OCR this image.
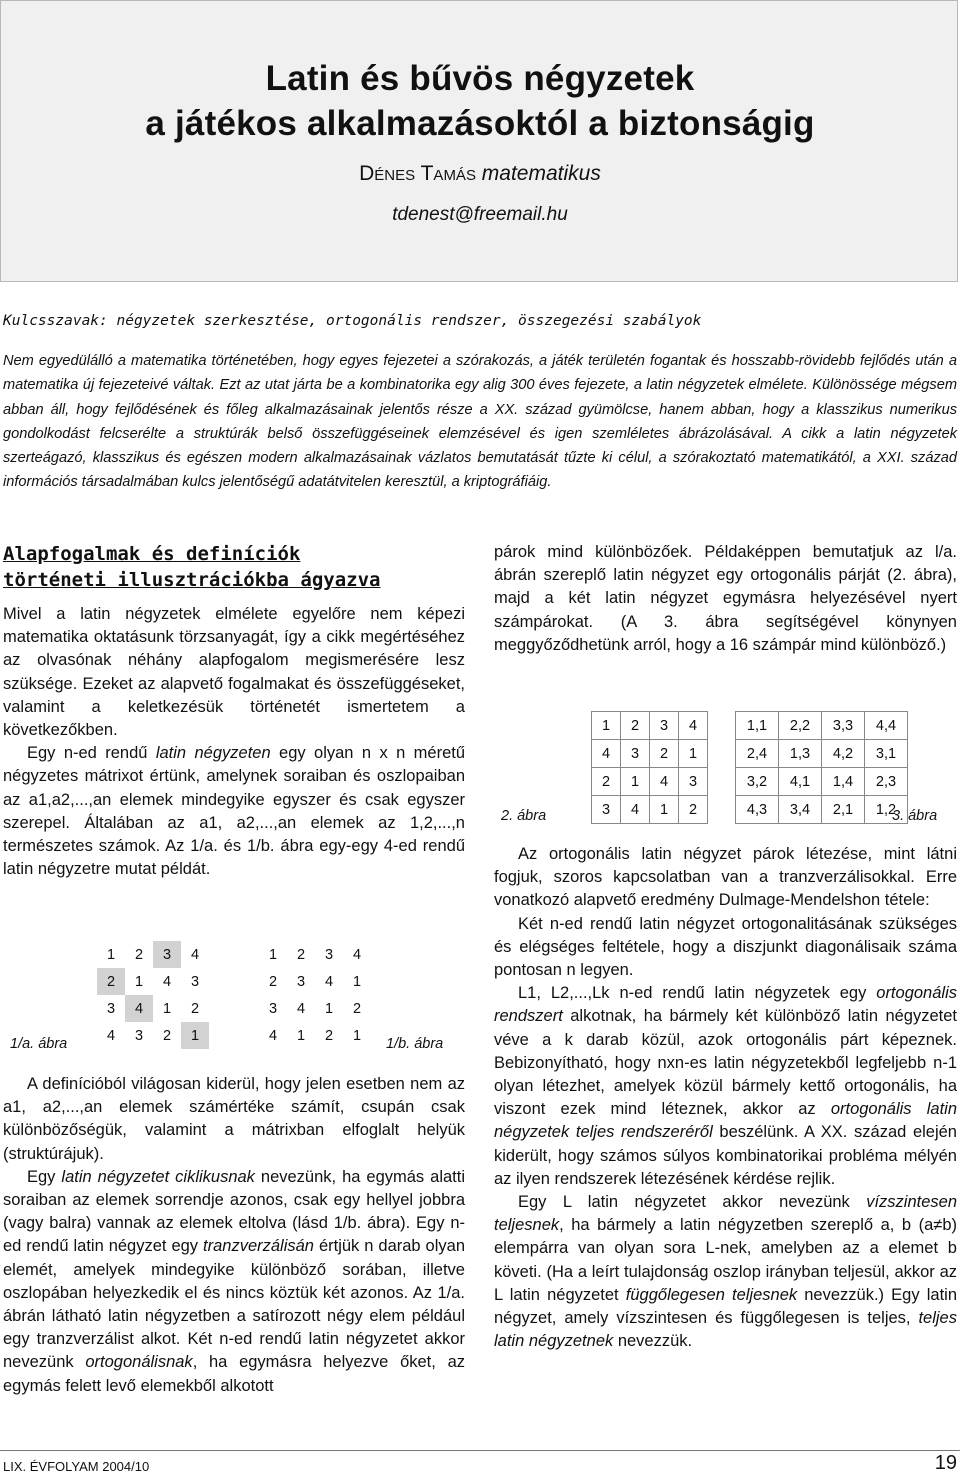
Latin és bűvös négyzetek
a játékos alkalmazásoktól a biztonságig
Dénes Tamás matematikus
tdenest@freemail.hu
Kulcsszavak: négyzetek szerkesztése, ortogonális rendszer, összegezési szabályok

Nem egyedülálló a matematika történetében, hogy egyes fejezetei a szórakozás, a játék területén fogantak és hosszabb-rövidebb fejlődés után a matematika új fejezeteivé váltak. Ezt az utat járta be a kombinatorika egy alig 300 éves fejezete, a latin négyzetek elmélete. Különössége mégsem abban áll, hogy fejlődésének és főleg alkalmazásainak jelentős része a XX. század gyümölcse, hanem abban, hogy a klasszikus numerikus gondolkodást felcserélte a struktúrák belső összefüggéseinek elemzésével és igen szemléletes ábrázolásával. A cikk a latin négyzetek szerteágazó, klasszikus és egészen modern alkalmazásainak vázlatos bemutatását tűzte ki célul, a szórakoztató matematikától, a XXI. század információs társadalmában kulcs jelentőségű adatátvitelen keresztül, a kriptográfiáig.

Alapfogalmak és definíciók
történeti illusztrációkba ágyazva

Mivel a latin négyzetek elmélete egyelőre nem képezi matematika oktatásunk törzsanyagát, így a cikk megértéséhez az olvasónak néhány alapfogalom megismerésére lesz szüksége. Ezeket az alapvető fogalmakat és összefüggéseket, valamint a keletkezésük történetét ismertetem a következőkben.

Egy n-ed rendű latin négyzeten egy olyan n x n méretű négyzetes mátrixot értünk, amelynek soraiban és oszlopaiban az a1,a2,...,an elemek mindegyike egyszer és csak egyszer szerepel. Általában az a1, a2,...,an elemek az 1,2,...,n természetes számok. Az 1/a. és 1/b. ábra egy-egy 4-ed rendű latin négyzetre mutat példát.

1/a. ábra
1	2	3	4
2	1	4	3
3	4	1	2
4	3	2	1
1	2	3	4
2	3	4	1
3	4	1	2
4	1	2	1
1/b. ábra

A definícióból világosan kiderül, hogy jelen esetben nem az a1, a2,...,an elemek számértéke számít, csupán csak különbözőségük, valamint a mátrixban elfoglalt helyük (struktúrájuk).

Egy latin négyzetet ciklikusnak nevezünk, ha egymás alatti soraiban az elemek sorrendje azonos, csak egy hellyel jobbra (vagy balra) vannak az elemek eltolva (lásd 1/b. ábra). Egy n-ed rendű latin négyzet egy tranzverzálisán értjük n darab olyan elemét, amelyek mindegyike különböző sorában, illetve oszlopában helyezkedik el és nincs köztük két azonos. Az 1/a. ábrán látható latin négyzetben a satírozott négy elem például egy tranzverzálist alkot. Két n-ed rendű latin négyzetet akkor nevezünk ortogonálisnak, ha egymásra helyezve őket, az egymás felett levő elemekből alkotott

párok mind különbözőek. Példaképpen bemutatjuk az l/a. ábrán szereplő latin négyzet egy ortogonális párját (2. ábra), majd a két latin négyzet egymásra helyezésével nyert számpárokat. (A 3. ábra segítségével könynyen meggyőződhetünk arról, hogy a 16 számpár mind különböző.)

2. ábra
1	2	3	4
4	3	2	1
2	1	4	3
3	4	1	2
1,1	2,2	3,3	4,4
2,4	1,3	4,2	3,1
3,2	4,1	1,4	2,3
4,3	3,4	2,1	1,2
3. ábra

Az ortogonális latin négyzet párok létezése, mint látni fogjuk, szoros kapcsolatban van a tranzverzálisokkal. Erre vonatkozó alapvető eredmény Dulmage-Mendelshon tétele:

Két n-ed rendű latin négyzet ortogonalitásának szükséges és elégséges feltétele, hogy a diszjunkt diagonálisaik száma pontosan n legyen.

L1, L2,...,Lk n-ed rendű latin négyzetek egy ortogonális rendszert alkotnak, ha bármely két különböző latin négyzetet véve a k darab közül, azok ortogonális párt képeznek. Bebizonyítható, hogy nxn-es latin négyzetekből legfeljebb n-1 olyan létezhet, amelyek közül bármely kettő ortogonális, ha viszont ezek mind léteznek, akkor az ortogonális latin négyzetek teljes rendszeréről beszélünk. A XX. század elején kiderült, hogy számos súlyos kombinatorikai probléma mélyén az ilyen rendszerek létezésének kérdése rejlik.

Egy L latin négyzetet akkor nevezünk vízszintesen teljesnek, ha bármely a latin négyzetben szereplő a, b (a≠b) elempárra van olyan sora L-nek, amelyben az a elemet b követi. (Ha a leírt tulajdonság oszlop irányban teljesül, akkor az L latin négyzetet függőlegesen teljesnek nevezzük.) Egy latin négyzet, amely vízszintesen és függőlegesen is teljes, teljes latin négyzetnek nevezzük.

LIX. ÉVFOLYAM 2004/10	19
